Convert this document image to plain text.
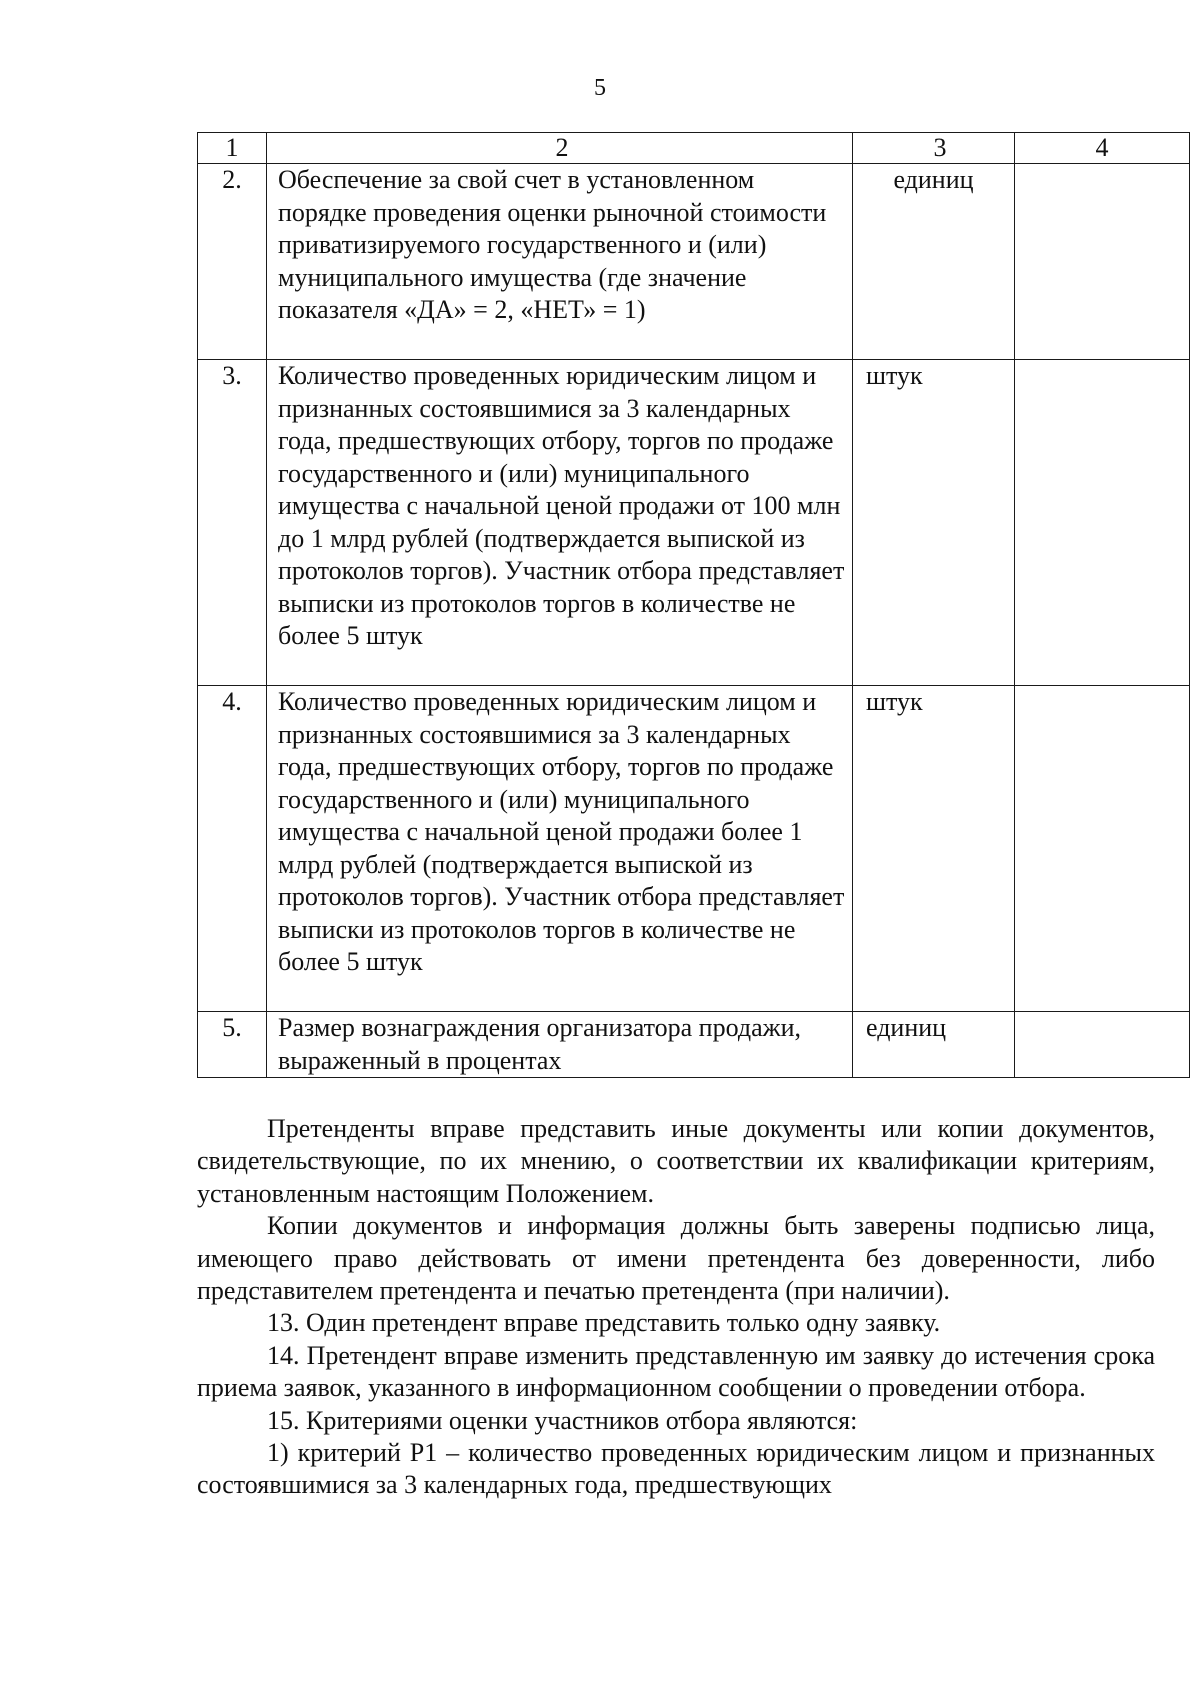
5
1	2	3	4
2.	Обеспечение за свой счет в установленном порядке проведения оценки рыночной стоимости приватизируемого государственного и (или) муниципального имущества (где значение показателя «ДА» = 2, «НЕТ» = 1)	единиц	
3.	Количество проведенных юридическим лицом и признанных состоявшимися за 3 календарных года, предшествующих отбору, торгов по продаже государственного и (или) муниципального имущества с начальной ценой продажи от 100 млн до 1 млрд рублей (подтверждается выпиской из протоколов торгов). Участник отбора представляет выписки из протоколов торгов в количестве не более 5 штук	штук	
4.	Количество проведенных юридическим лицом и признанных состоявшимися за 3 календарных года, предшествующих отбору, торгов по продаже государственного и (или) муниципального имущества с начальной ценой продажи более 1 млрд рублей (подтверждается выпиской из протоколов торгов). Участник отбора представляет выписки из протоколов торгов в количестве не более 5 штук	штук	
5.	Размер вознаграждения организатора продажи, выраженный в процентах	единиц	

Претенденты вправе представить иные документы или копии документов, свидетельствующие, по их мнению, о соответствии их квалификации критериям, установленным настоящим Положением.

Копии документов и информация должны быть заверены подписью лица, имеющего право действовать от имени претендента без доверенности, либо представителем претендента и печатью претендента (при наличии).

13. Один претендент вправе представить только одну заявку.

14. Претендент вправе изменить представленную им заявку до истечения срока приема заявок, указанного в информационном сообщении о проведении отбора.

15. Критериями оценки участников отбора являются:

1) критерий Р1 – количество проведенных юридическим лицом и признанных состоявшимися за 3 календарных года, предшествующих
